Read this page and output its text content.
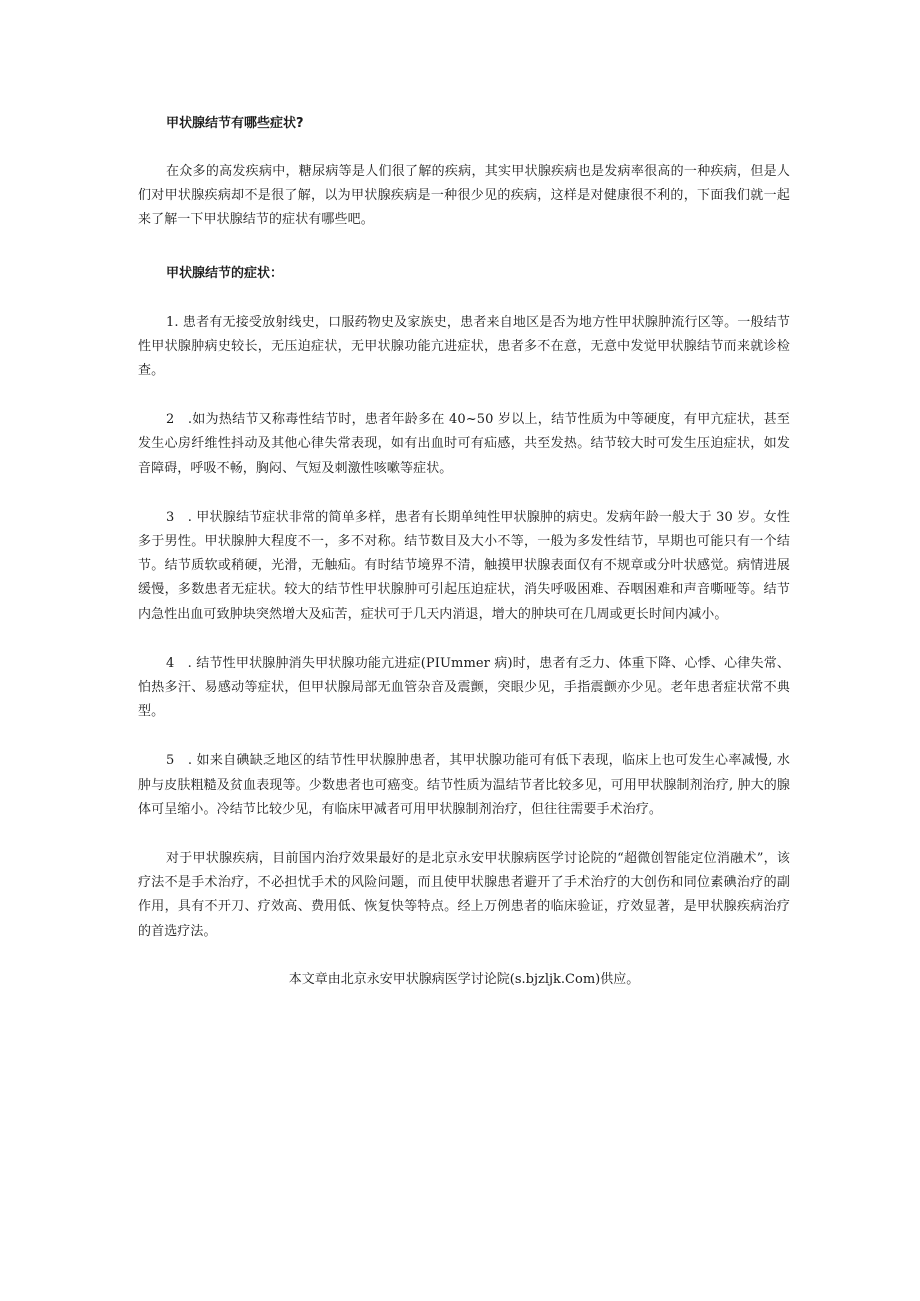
甲状腺结节有哪些症状?

在众多的高发疾病中，糖尿病等是人们很了解的疾病，其实甲状腺疾病也是发病率很高的一种疾病，但是人们对甲状腺疾病却不是很了解，以为甲状腺疾病是一种很少见的疾病，这样是对健康很不利的，下面我们就一起来了解一下甲状腺结节的症状有哪些吧。

甲状腺结节的症状：

1. 患者有无接受放射线史，口服药物史及家族史，患者来自地区是否为地方性甲状腺肿流行区等。一般结节性甲状腺肿病史较长，无压迫症状，无甲状腺功能亢进症状，患者多不在意，无意中发觉甲状腺结节而来就诊检查。

2　.如为热结节又称毒性结节时，患者年龄多在 40~50 岁以上，结节性质为中等硬度，有甲亢症状，甚至发生心房纤维性抖动及其他心律失常表现，如有出血时可有疝感，共至发热。结节较大时可发生压迫症状，如发音障碍，呼吸不畅，胸闷、气短及刺激性咳嗽等症状。

3　. 甲状腺结节症状非常的简单多样，患者有长期单纯性甲状腺肿的病史。发病年龄一般大于 30 岁。女性多于男性。甲状腺肿大程度不一，多不对称。结节数目及大小不等，一般为多发性结节，早期也可能只有一个结节。结节质软或稍硬，光滑，无触疝。有时结节境界不清，触摸甲状腺表面仅有不规章或分叶状感觉。病情进展缓慢，多数患者无症状。较大的结节性甲状腺肿可引起压迫症状，消失呼吸困难、吞咽困难和声音嘶哑等。结节内急性出血可致肿块突然增大及疝苦，症状可于几天内消退，增大的肿块可在几周或更长时间内减小。

4　. 结节性甲状腺肿消失甲状腺功能亢进症(PIUmmer 病)时，患者有乏力、体重下降、心悸、心律失常、怕热多汗、易感动等症状，但甲状腺局部无血管杂音及震颤，突眼少见，手指震颤亦少见。老年患者症状常不典型。

5　. 如来自碘缺乏地区的结节性甲状腺肿患者，其甲状腺功能可有低下表现，临床上也可发生心率减慢, 水肿与皮肤粗糙及贫血表现等。少数患者也可癌变。结节性质为温结节者比较多见，可用甲状腺制剂治疗, 肿大的腺体可呈缩小。冷结节比较少见，有临床甲减者可用甲状腺制剂治疗，但往往需要手术治疗。

对于甲状腺疾病，目前国内治疗效果最好的是北京永安甲状腺病医学讨论院的“超微创智能定位消融术”，该疗法不是手术治疗，不必担忧手术的风险问题，而且使甲状腺患者避开了手术治疗的大创伤和同位素碘治疗的副作用，具有不开刀、疗效高、费用低、恢复快等特点。经上万例患者的临床验证，疗效显著，是甲状腺疾病治疗的首选疗法。

本文章由北京永安甲状腺病医学讨论院(s.bjzljk.Com)供应。
